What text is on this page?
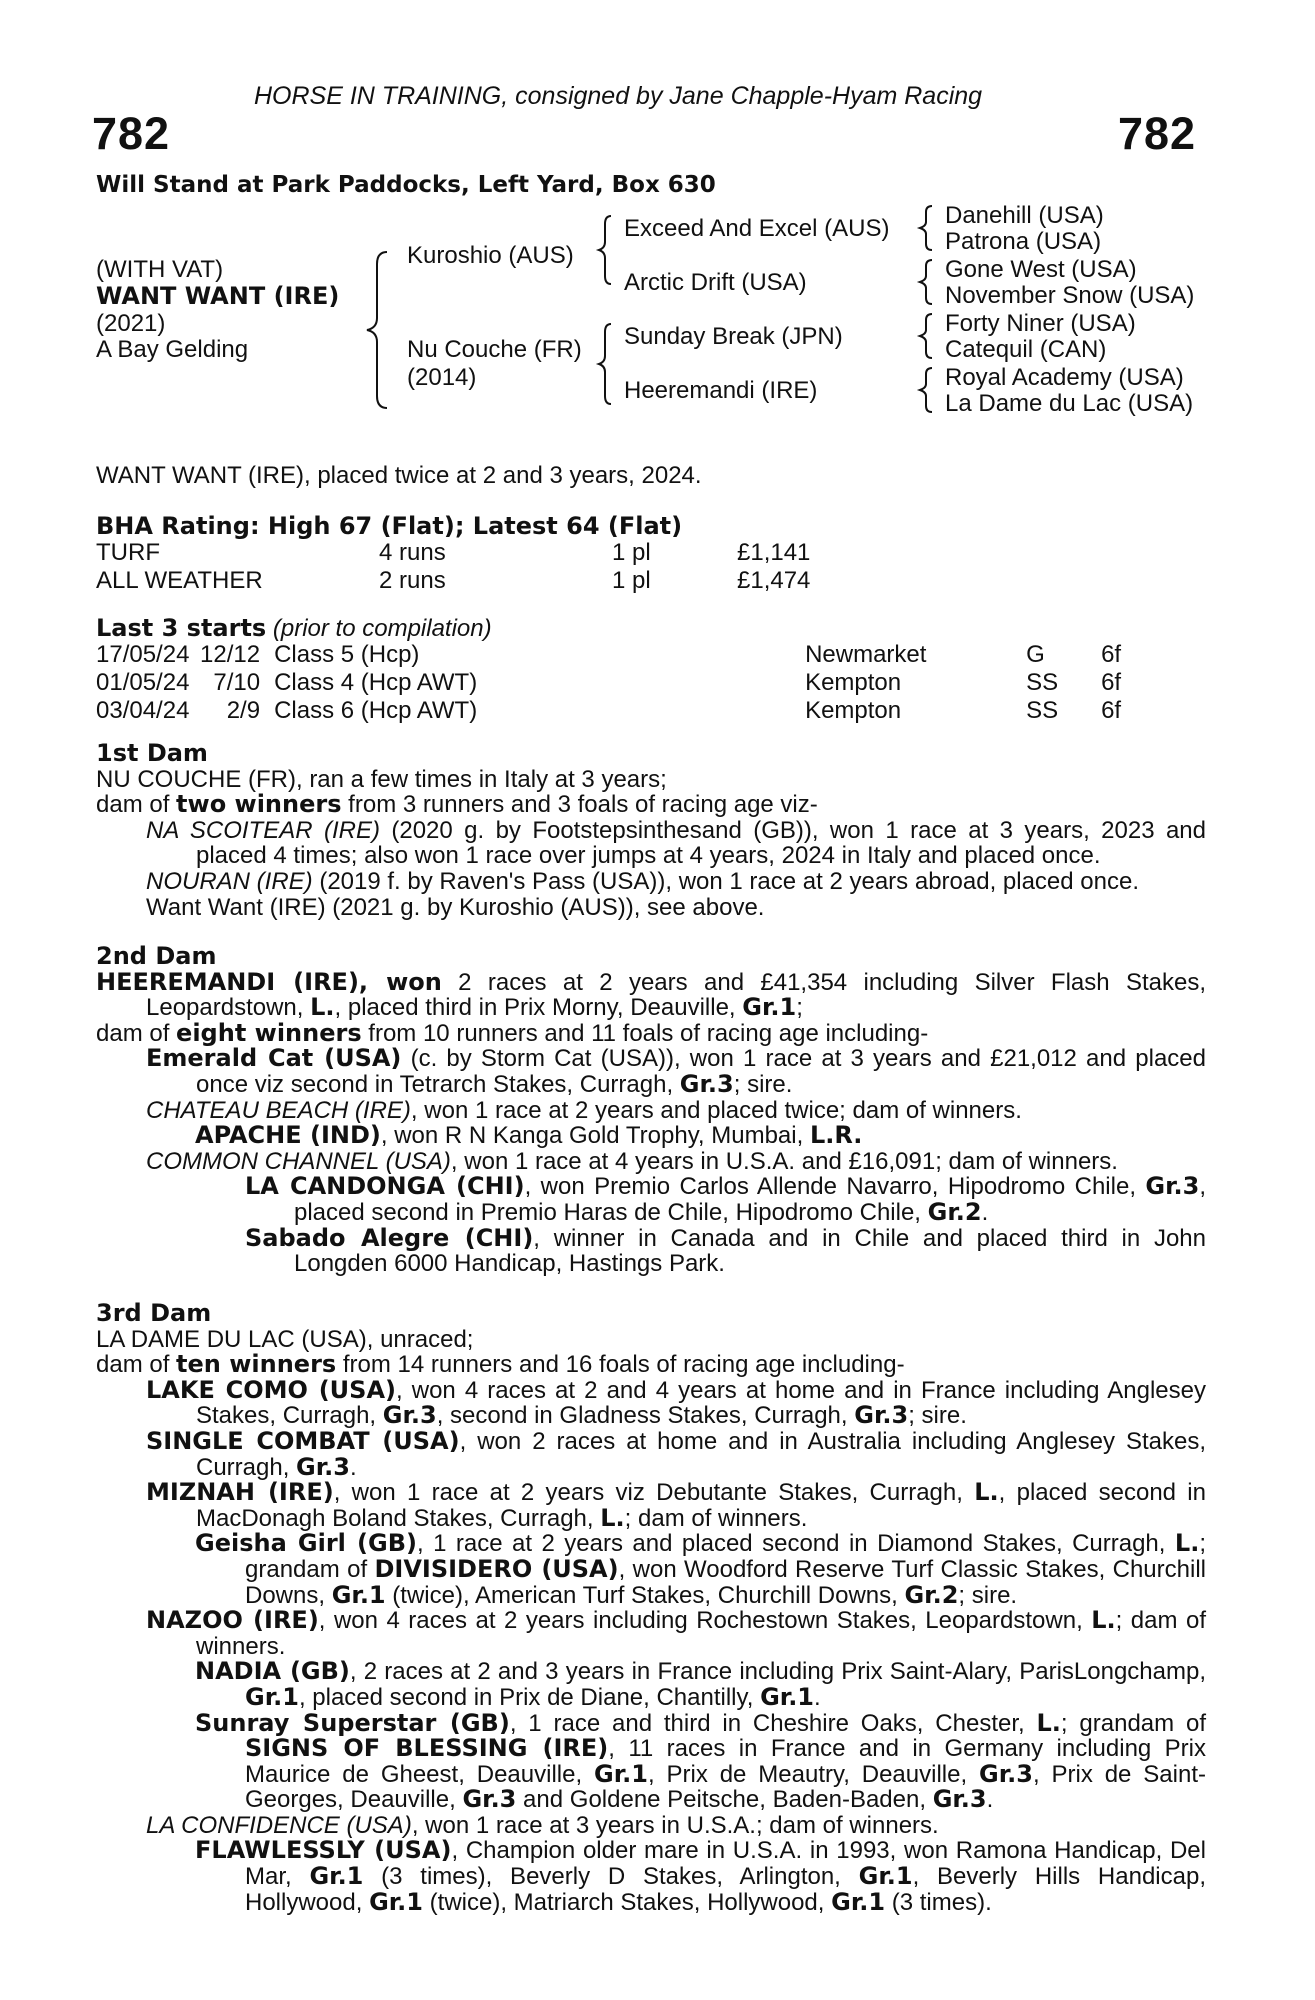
HORSE IN TRAINING, consigned by Jane Chapple-Hyam Racing
782	782
Will Stand at Park Paddocks, Left Yard, Box 630
(WITH VAT)
WANT WANT (IRE)
(2021)
A Bay Gelding
Kuroshio (AUS)
Nu Couche (FR)
(2014)
Exceed And Excel (AUS)
Arctic Drift (USA)
Sunday Break (JPN)
Heeremandi (IRE)
Danehill (USA)
Patrona (USA)
Gone West (USA)
November Snow (USA)
Forty Niner (USA)
Catequil (CAN)
Royal Academy (USA)
La Dame du Lac (USA)
WANT WANT (IRE), placed twice at 2 and 3 years, 2024.
BHA Rating: High 67 (Flat); Latest 64 (Flat)
TURF	4 runs	1 pl	£1,141
ALL WEATHER	2 runs	1 pl	£1,474
Last 3 starts (prior to compilation)
17/05/24	12/12	Class 5 (Hcp)	Newmarket	G	6f
01/05/24	7/10	Class 4 (Hcp AWT)	Kempton	SS	6f
03/04/24	2/9	Class 6 (Hcp AWT)	Kempton	SS	6f

1st Dam

NU COUCHE (FR), ran a few times in Italy at 3 years;

dam of two winners from 3 runners and 3 foals of racing age viz-

NA SCOITEAR (IRE) (2020 g. by Footstepsinthesand (GB)), won 1 race at 3 years, 2023 and placed 4 times; also won 1 race over jumps at 4 years, 2024 in Italy and placed once.

NOURAN (IRE) (2019 f. by Raven's Pass (USA)), won 1 race at 2 years abroad, placed once.

Want Want (IRE) (2021 g. by Kuroshio (AUS)), see above.

2nd Dam

HEEREMANDI (IRE), won 2 races at 2 years and £41,354 including Silver Flash Stakes, Leopardstown, L., placed third in Prix Morny, Deauville, Gr.1;

dam of eight winners from 10 runners and 11 foals of racing age including-

Emerald Cat (USA) (c. by Storm Cat (USA)), won 1 race at 3 years and £21,012 and placed once viz second in Tetrarch Stakes, Curragh, Gr.3; sire.

CHATEAU BEACH (IRE), won 1 race at 2 years and placed twice; dam of winners.

APACHE (IND), won R N Kanga Gold Trophy, Mumbai, L.R.

COMMON CHANNEL (USA), won 1 race at 4 years in U.S.A. and £16,091; dam of winners.

LA CANDONGA (CHI), won Premio Carlos Allende Navarro, Hipodromo Chile, Gr.3, placed second in Premio Haras de Chile, Hipodromo Chile, Gr.2.

Sabado Alegre (CHI), winner in Canada and in Chile and placed third in John Longden 6000 Handicap, Hastings Park.

3rd Dam

LA DAME DU LAC (USA), unraced;

dam of ten winners from 14 runners and 16 foals of racing age including-

LAKE COMO (USA), won 4 races at 2 and 4 years at home and in France including Anglesey Stakes, Curragh, Gr.3, second in Gladness Stakes, Curragh, Gr.3; sire.

SINGLE COMBAT (USA), won 2 races at home and in Australia including Anglesey Stakes, Curragh, Gr.3.

MIZNAH (IRE), won 1 race at 2 years viz Debutante Stakes, Curragh, L., placed second in MacDonagh Boland Stakes, Curragh, L.; dam of winners.

Geisha Girl (GB), 1 race at 2 years and placed second in Diamond Stakes, Curragh, L.; grandam of DIVISIDERO (USA), won Woodford Reserve Turf Classic Stakes, Churchill Downs, Gr.1 (twice), American Turf Stakes, Churchill Downs, Gr.2; sire.

NAZOO (IRE), won 4 races at 2 years including Rochestown Stakes, Leopardstown, L.; dam of winners.

NADIA (GB), 2 races at 2 and 3 years in France including Prix Saint-Alary, ParisLongchamp, Gr.1, placed second in Prix de Diane, Chantilly, Gr.1.

Sunray Superstar (GB), 1 race and third in Cheshire Oaks, Chester, L.; grandam of SIGNS OF BLESSING (IRE), 11 races in France and in Germany including Prix Maurice de Gheest, Deauville, Gr.1, Prix de Meautry, Deauville, Gr.3, Prix de Saint-Georges, Deauville, Gr.3 and Goldene Peitsche, Baden-Baden, Gr.3.

LA CONFIDENCE (USA), won 1 race at 3 years in U.S.A.; dam of winners.

FLAWLESSLY (USA), Champion older mare in U.S.A. in 1993, won Ramona Handicap, Del Mar, Gr.1 (3 times), Beverly D Stakes, Arlington, Gr.1, Beverly Hills Handicap, Hollywood, Gr.1 (twice), Matriarch Stakes, Hollywood, Gr.1 (3 times).
